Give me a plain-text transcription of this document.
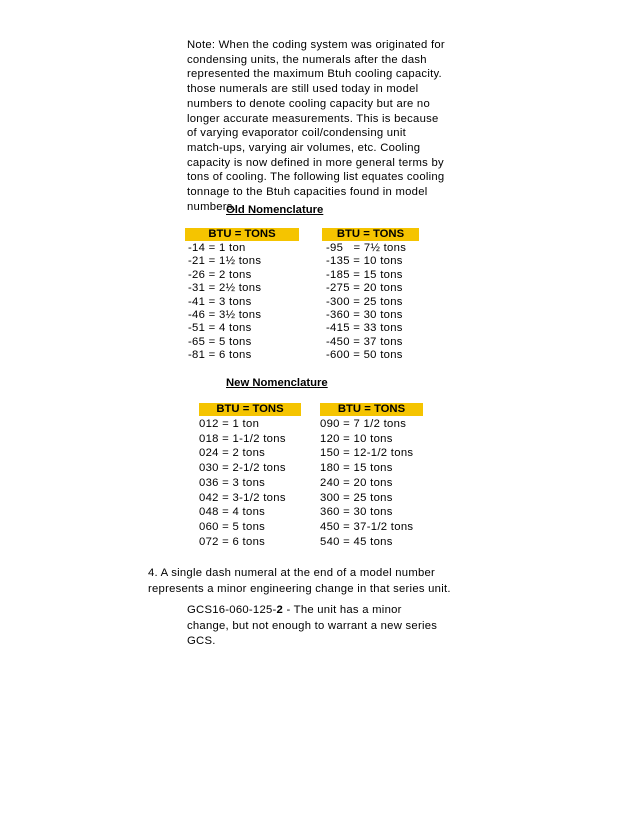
Note: When the coding system was originated for
condensing units, the numerals after the dash
represented the maximum Btuh cooling capacity.
those numerals are still used today in model
numbers to denote cooling capacity but are no
longer accurate measurements. This is because
of varying evaporator coil/condensing unit
match-ups, varying air volumes, etc. Cooling
capacity is now defined in more general terms by
tons of cooling. The following list equates cooling
tonnage to the Btuh capacities found in model
numbers.
Old Nomenclature
BTU = TONS	BTU = TONS
-14 = 1 ton
-21 = 1½ tons
-26 = 2 tons
-31 = 2½ tons
-41 = 3 tons
-46 = 3½ tons
-51 = 4 tons
-65 = 5 tons
-81 = 6 tons
-95   = 7½ tons
-135 = 10 tons
-185 = 15 tons
-275 = 20 tons
-300 = 25 tons
-360 = 30 tons
-415 = 33 tons
-450 = 37 tons
-600 = 50 tons
New Nomenclature
BTU = TONS	BTU = TONS
012 = 1 ton
018 = 1-1/2 tons
024 = 2 tons
030 = 2-1/2 tons
036 = 3 tons
042 = 3-1/2 tons
048 = 4 tons
060 = 5 tons
072 = 6 tons
090 = 7 1/2 tons
120 = 10 tons
150 = 12-1/2 tons
180 = 15 tons
240 = 20 tons
300 = 25 tons
360 = 30 tons
450 = 37-1/2 tons
540 = 45 tons
4. A single dash numeral at the end of a model number
represents a minor engineering change in that series unit.
GCS16-060-125-2 - The unit has a minor
change, but not enough to warrant a new series
GCS.
